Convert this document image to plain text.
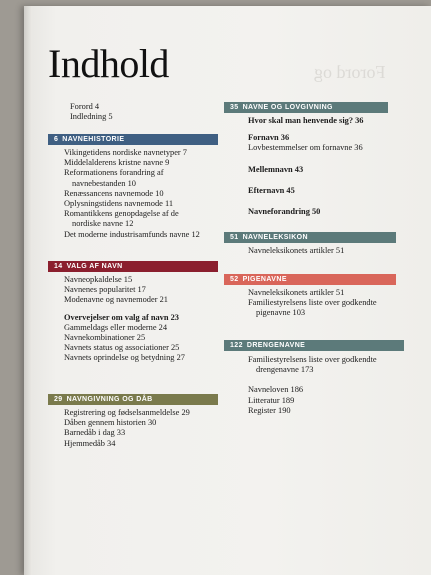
Forord og
Indhold
Forord 4
Indledning 5
6 NAVNEHISTORIE
Vikingetidens nordiske navnetyper 7
Middelalderens kristne navne 9
Reformationens forandring af
navnebestanden 10
Renæssancens navnemode 10
Oplysningstidens navnemode 11
Romantikkens genopdagelse af de
nordiske navne 12
Det moderne industrisamfunds navne 12
14 VALG AF NAVN
Navneopkaldelse 15
Navnenes popularitet 17
Modenavne og navnemoder 21
Overvejelser om valg af navn 23
Gammeldags eller moderne 24
Navnekombinationer 25
Navnets status og associationer 25
Navnets oprindelse og betydning 27
29 NAVNGIVNING OG DÅB
Registrering og fødselsanmeldelse 29
Dåben gennem historien 30
Barnedåb i dag 33
Hjemmedåb 34
35 NAVNE OG LOVGIVNING
Hvor skal man henvende sig? 36
Fornavn 36
Lovbestemmelser om fornavne 36
Mellemnavn 43
Efternavn 45
Navneforandring 50
51 NAVNELEKSIKON
Navneleksikonets artikler 51
52 PIGENAVNE
Navneleksikonets artikler 51
Familiestyrelsens liste over godkendte
pigenavne 103
122 DRENGENAVNE
Familiestyrelsens liste over godkendte
drengenavne 173
Navneloven 186
Litteratur 189
Register 190
